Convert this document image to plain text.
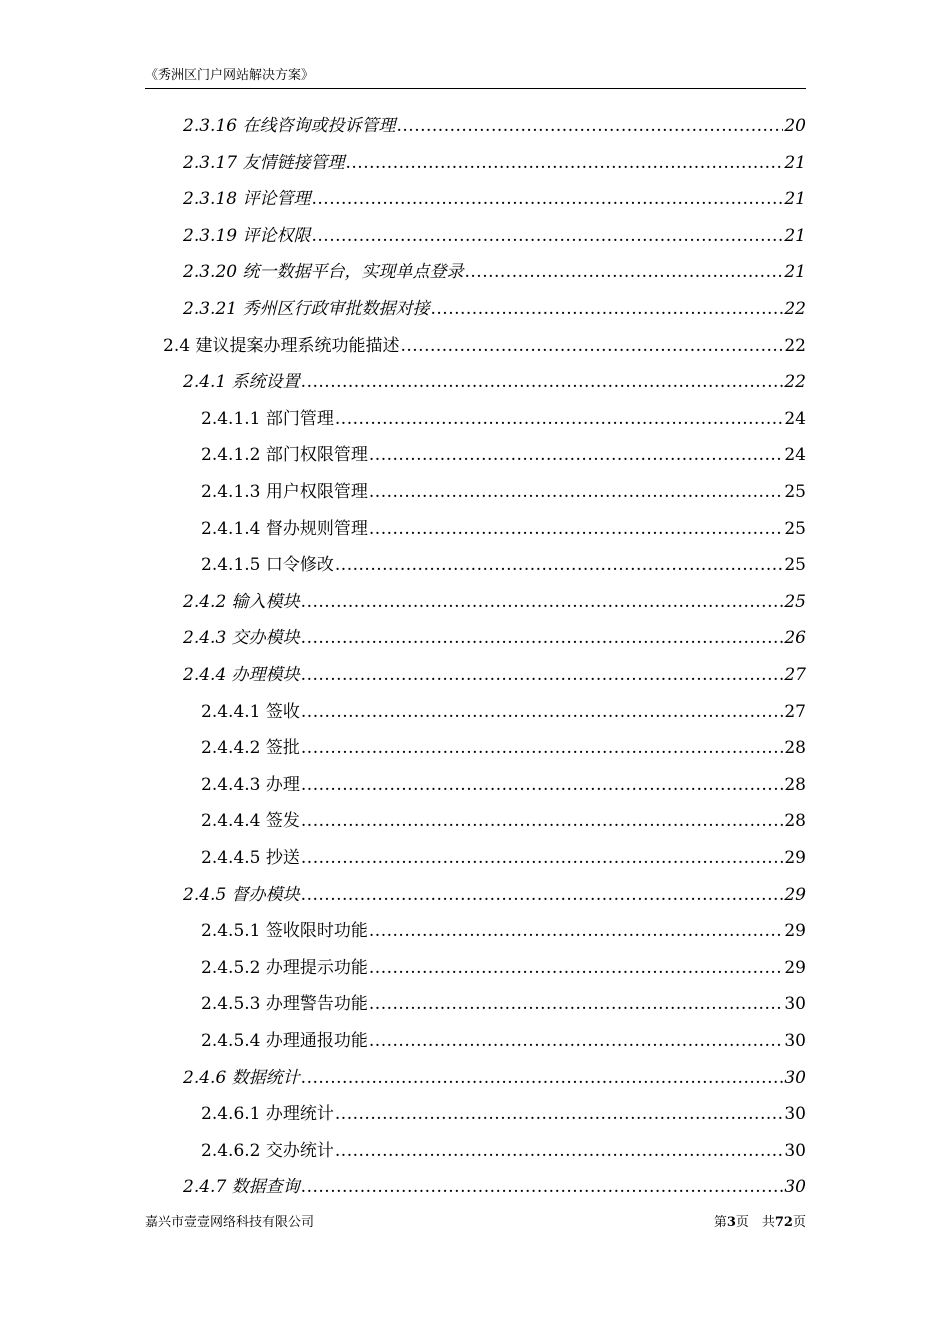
《秀洲区门户网站解决方案》
2.3.16 在线咨询或投诉管理 .....	20
2.3.17 友情链接管理 .....	21
2.3.18 评论管理 .....	21
2.3.19 评论权限 .....	21
2.3.20 统一数据平台，实现单点登录 .....	21
2.3.21 秀州区行政审批数据对接 .....	22
2.4 建议提案办理系统功能描述 .....	22
2.4.1 系统设置 .....	22
2.4.1.1 部门管理 .....	24
2.4.1.2 部门权限管理 .....	24
2.4.1.3 用户权限管理 .....	25
2.4.1.4 督办规则管理 .....	25
2.4.1.5 口令修改 .....	25
2.4.2 输入模块 .....	25
2.4.3 交办模块 .....	26
2.4.4 办理模块 .....	27
2.4.4.1 签收 .....	27
2.4.4.2 签批 .....	28
2.4.4.3 办理 .....	28
2.4.4.4 签发 .....	28
2.4.4.5 抄送 .....	29
2.4.5 督办模块 .....	29
2.4.5.1 签收限时功能 .....	29
2.4.5.2 办理提示功能 .....	29
2.4.5.3 办理警告功能 .....	30
2.4.5.4 办理通报功能 .....	30
2.4.6 数据统计 .....	30
2.4.6.1 办理统计 .....	30
2.4.6.2 交办统计 .....	30
2.4.7 数据查询 .....	30
嘉兴市壹壹网络科技有限公司	第3页　共72页
